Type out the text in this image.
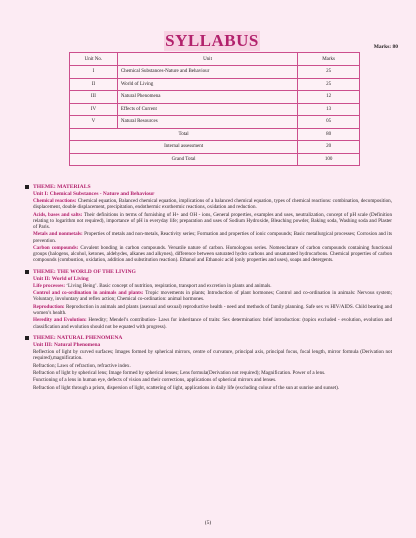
SYLLABUS	Marks: 80
Unit No.	Unit	Marks
I	Chemical Substances-Nature and Behaviour	25
II	World of Living	25
III	Natural Phenomena	12
IV	Effects of Current	13
V	Natural Resources	05
Total		80
Internal assessment		20
Grand Total		100
THEME: MATERIALS
Unit I: Chemical Substances - Nature and Behaviour

Chemical reactions: Chemical equation, Balanced chemical equation, implications of a balanced chemical equation, types of chemical reactions: combination, decomposition, displacement, double displacement, precipitation, endothermic exothermic reactions, oxidation and reduction.

Acids, bases and salts: Their definitions in terms of furnishing of H+ and OH - ions, General properties, examples and uses, neutralization, concept of pH scale (Definition relating to logarithm not required), importance of pH in everyday life; preparation and uses of Sodium Hydroxide, Bleaching powder, Baking soda, Washing soda and Plaster of Paris.

Metals and nonmetals: Properties of metals and non-metals, Reactivity series; Formation and properties of ionic compounds; Basic metallurgical processes; Corrosion and its prevention.

Carbon compounds: Covalent bonding in carbon compounds. Versatile nature of carbon. Homologous series. Nomenclature of carbon compounds containing functional groups (halogens, alcohol, ketones, aldehydes, alkanes and alkynes), difference between saturated hydro carbons and unsaturated hydrocarbons. Chemical properties of carbon compounds (combustion, oxidation, addition and substitution reaction). Ethanol and Ethanoic acid (only properties and uses), soaps and detergents.

THEME: THE WORLD OF THE LIVING
Unit II: World of Living

Life processes: ‘Living Being’. Basic concept of nutrition, respiration, transport and excretion in plants and animals.

Control and co-ordination in animals and plants: Tropic movements in plants; Introduction of plant hormones; Control and co-ordination in animals: Nervous system; Voluntary, involuntary and reflex action; Chemical co-ordination: animal hormones.

Reproduction: Reproduction in animals and plants (asexual and sexual) reproductive health - need and methods of family planning. Safe sex vs HIV/AIDS. Child bearing and women’s health.

Heredity and Evolution: Heredity; Mendel’s contribution- Laws for inheritance of traits: Sex determination: brief introduction: (topics excluded - evolution, evolution and classification and evolution should not be equated with progress).

THEME: NATURAL PHENOMENA
Unit III: Natural Phenomena

Reflection of light by curved surfaces; Images formed by spherical mirrors, centre of curvature, principal axis, principal focus, focal length, mirror formula (Derivation not required),magnification.

Refraction; Laws of refraction, refractive index.

Refraction of light by spherical lens; Image formed by spherical lenses; Lens formula(Derivation not required); Magnification. Power of a lens.

Functioning of a lens in human eye, defects of vision and their corrections, applications of spherical mirrors and lenses.

Refraction of light through a prism, dispersion of light, scattering of light, applications in daily life (excluding colour of the sun at sunrise and sunset).

(5)
